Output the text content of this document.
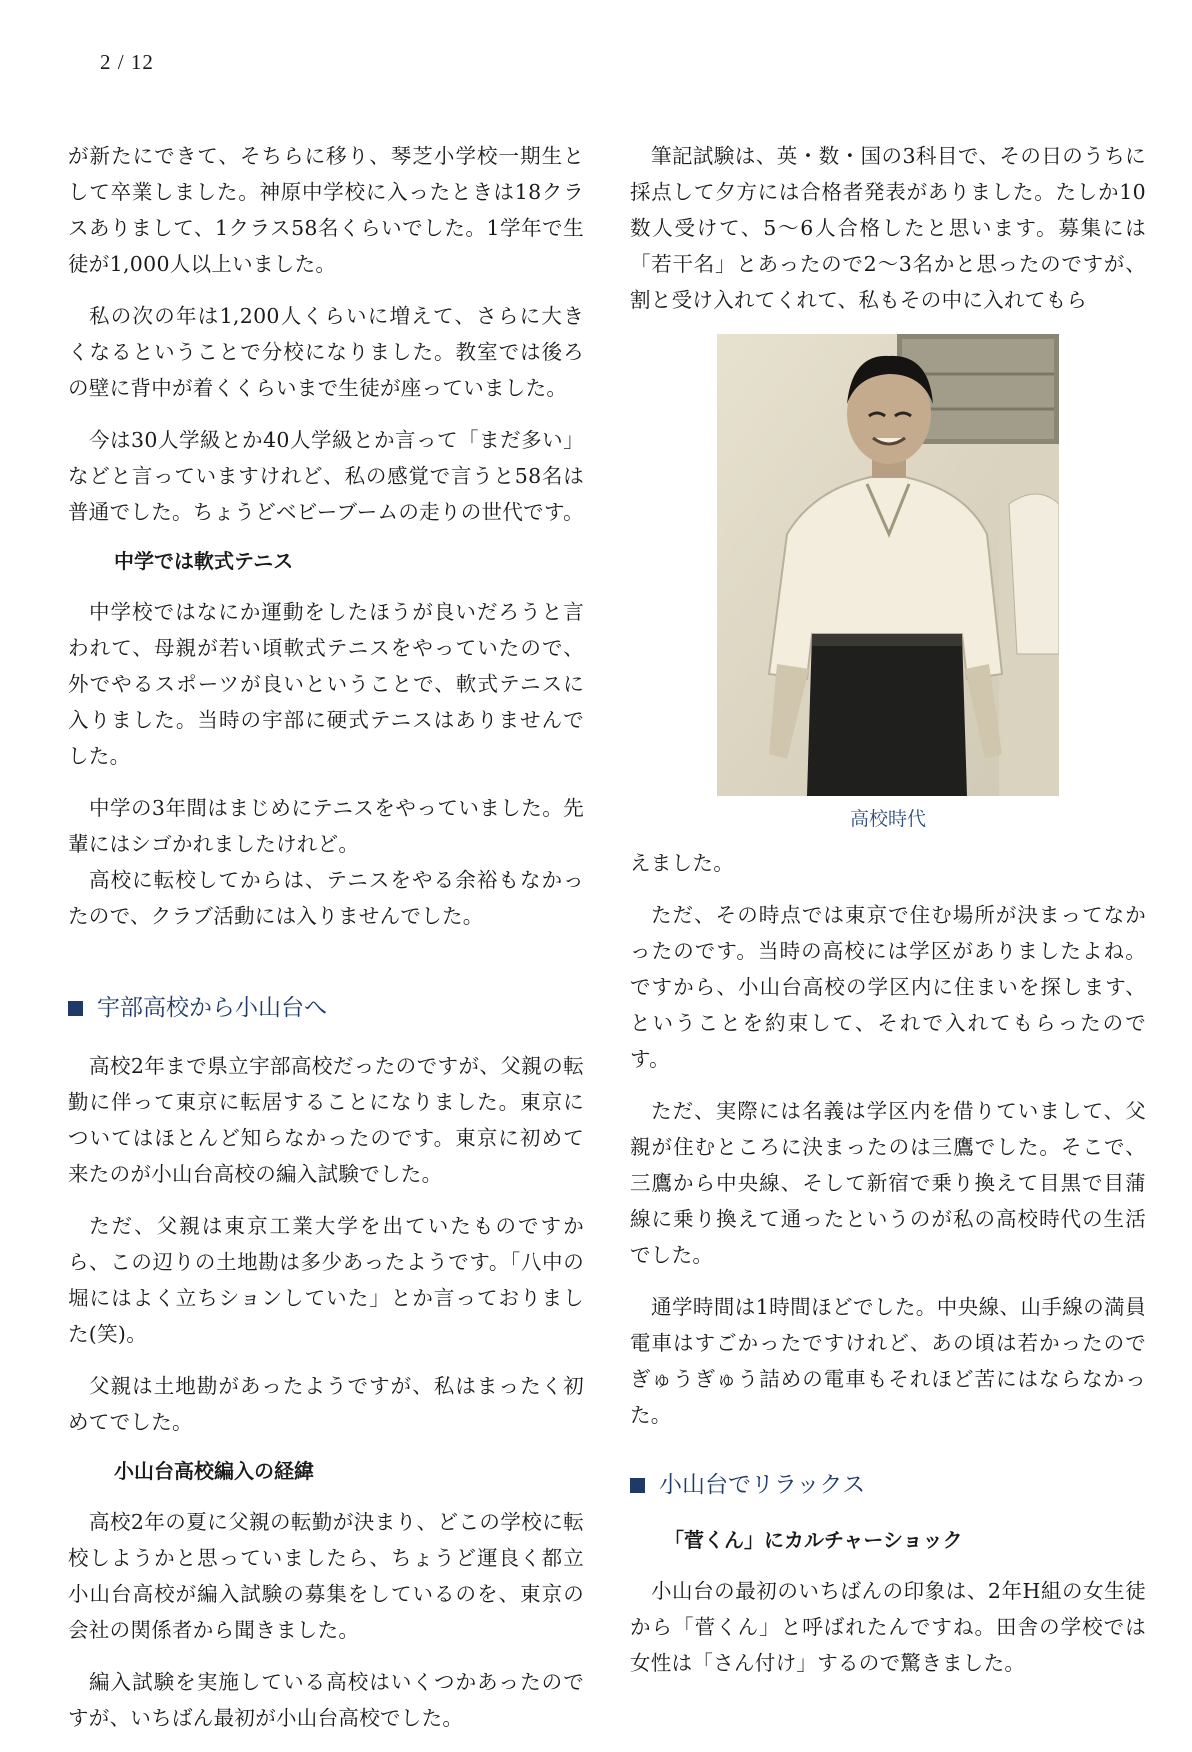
2 / 12

が新たにできて、そちらに移り、琴芝小学校一期生として卒業しました。神原中学校に入ったときは18クラスありまして、1クラス58名くらいでした。1学年で生徒が1,000人以上いました。

私の次の年は1,200人くらいに増えて、さらに大きくなるということで分校になりました。教室では後ろの壁に背中が着くくらいまで生徒が座っていました。

今は30人学級とか40人学級とか言って「まだ多い」などと言っていますけれど、私の感覚で言うと58名は普通でした。ちょうどベビーブームの走りの世代です。

中学では軟式テニス

中学校ではなにか運動をしたほうが良いだろうと言われて、母親が若い頃軟式テニスをやっていたので、外でやるスポーツが良いということで、軟式テニスに入りました。当時の宇部に硬式テニスはありませんでした。

中学の3年間はまじめにテニスをやっていました。先輩にはシゴかれましたけれど。

高校に転校してからは、テニスをやる余裕もなかったので、クラブ活動には入りませんでした。

宇部高校から小山台へ

高校2年まで県立宇部高校だったのですが、父親の転勤に伴って東京に転居することになりました。東京についてはほとんど知らなかったのです。東京に初めて来たのが小山台高校の編入試験でした。

ただ、父親は東京工業大学を出ていたものですから、この辺りの土地勘は多少あったようです。「八中の堀にはよく立ちションしていた」とか言っておりました(笑)。

父親は土地勘があったようですが、私はまったく初めてでした。

小山台高校編入の経緯

高校2年の夏に父親の転勤が決まり、どこの学校に転校しようかと思っていましたら、ちょうど運良く都立小山台高校が編入試験の募集をしているのを、東京の会社の関係者から聞きました。

編入試験を実施している高校はいくつかあったのですが、いちばん最初が小山台高校でした。

筆記試験は、英・数・国の3科目で、その日のうちに採点して夕方には合格者発表がありました。たしか10数人受けて、5〜6人合格したと思います。募集には「若干名」とあったので2〜3名かと思ったのですが、割と受け入れてくれて、私もその中に入れてもら

高校時代

えました。

ただ、その時点では東京で住む場所が決まってなかったのです。当時の高校には学区がありましたよね。ですから、小山台高校の学区内に住まいを探します、ということを約束して、それで入れてもらったのです。

ただ、実際には名義は学区内を借りていまして、父親が住むところに決まったのは三鷹でした。そこで、三鷹から中央線、そして新宿で乗り換えて目黒で目蒲線に乗り換えて通ったというのが私の高校時代の生活でした。

通学時間は1時間ほどでした。中央線、山手線の満員電車はすごかったですけれど、あの頃は若かったのでぎゅうぎゅう詰めの電車もそれほど苦にはならなかった。

小山台でリラックス
「菅くん」にカルチャーショック

小山台の最初のいちばんの印象は、2年H組の女生徒から「菅くん」と呼ばれたんですね。田舎の学校では女性は「さん付け」するので驚きました。
